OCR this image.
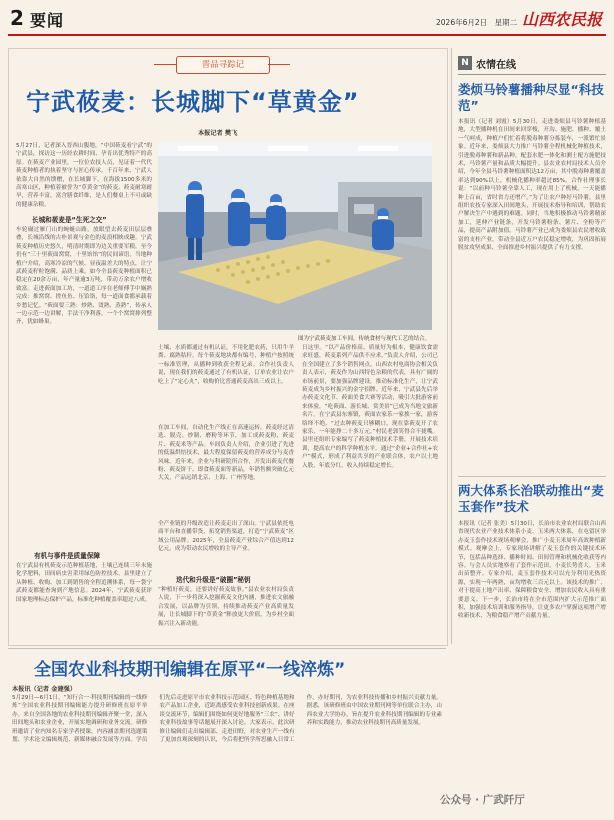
2 要闻	2026年6月2日　星期二 山西农民报
晋品寻踪记
宁武莜麦：长城脚下“草黄金”
本报记者 樊飞
图为宁武莜麦加工车间，传统食材与现代工艺的结合。
5月27日，记者深入晋西山腹地，“中国莜麦看宁武”的宁武县，探访这一历经农耕时间、孕育出优秀特产的高原。在莜麦产业园里，一位位农技人员，见证着一代代莜麦种植者的执着坚守与匠心传承。千百年来，宁武人依靠大自然的馈赠，在长城脚下，在海拔1500多米的高寒山区，种植着被誉为“草黄金”的莜麦。莜麦耐寒耐旱，营养丰富，富含膳食纤维，是人们餐桌上不可或缺的健康杂粮。
长城和莜麦是“生死之交”
车轮碾过雁门山的蜿蜒山路，放眼望去莜麦田层层叠叠，长城沿线的古朴景观与金色的麦浪相映成趣。宁武莜麦种植历史悠久，明清时期即为边关重要军粮，至今仍有“三十里莜面窝窝，十里饴饴”的民间谚语。当地种植户介绍，高寒冷凉的气候、昼夜温差大的特点，让宁武莜麦籽粒饱满、品质上乘。如今全县莜麦种植面积已稳定在20余万亩，年产量逾3万吨，带动万余农户增收致富。走进莜面加工坊，一道道工序在老师傅手中娴熟完成：推窝窝、搓鱼鱼、压饸饹，每一道面食都承载着乡愁记忆。“莜面要三熟：炒熟、烫熟、蒸熟”，传承人一边示范一边讲解，手法干净利落，一个个窝窝排列整齐，犹如蜂巢。
有机与事件是质量保障
在宁武县有机莜麦示范种植基地，土壤已连续三年未施化学肥料，田间病虫害采用绿色防控技术。县里建立了从种植、收购、加工到销售的全程追溯体系，每一袋宁武莜麦都能查询到产地信息。2024年，宁武莜麦获评国家地理标志保护产品，标准化种植覆盖率超过八成。
土壤、水质都通过有机认证，不用化肥农药，只用牛羊粪、腐熟秸秆。每个莜麦地块都有编号，种植户按照统一标准管理，从播种到收获全程记录。合作社负责人说，现在我们的莜麦通过了有机认证，订单农业让农户吃上了“定心丸”，收购价比普通莜麦高出三成以上。
在加工车间，自动化生产线正在高速运转，莜麦经过清选、脱壳、炒制、磨粉等环节，加工成莜麦粉、莜麦片、莜麦米等产品。车间负责人介绍，企业引进了先进的低温烘焙技术，最大程度保留莜麦的营养成分与麦香风味。近年来，企业与科研院所合作，开发出莜麦代餐粉、莜麦饼干、即食莜麦面等新品，年销售额突破亿元大关，产品远销北京、上海、广州等地。
全产业链的升级改造让莜麦走出了深山。宁武县依托电商平台和直播带货，拓宽销售渠道，打造“宁武莜麦”区域公用品牌。2025年，全县莜麦产业综合产值达到12亿元，成为带动农民增收的主导产业。
迭代和升级是“破圈”秘钥
“种植好莜麦，还要讲好莜麦故事。”县农业农村局负责人说，下一步将深入挖掘莜麦文化内涵，推进农文旅融合发展，以品牌为引领，持续推动莜麦产业高质量发展，让长城脚下的“草黄金”释放更大价值，为乡村全面振兴注入新动能。
日这里。“以产品价格高、质量好为根本，健康饮食需求旺盛，莜麦系列产品供不应求。”负责人介绍，公司已在全国建立了多个销售网点。山西农村电商协会相关负责人表示，莜麦作为山西特色杂粮的代表，具有广阔的市场前景，要加强品牌建设，推动标准化生产，让宁武莜麦成为乡村振兴的金字招牌。近年来，宁武县先后举办莜麦文化节、莜面美食大赛等活动，吸引大批游客前来体验，“吃莜面、游长城、赏美景”已成为当地文旅新名片。在宁武县东寨镇，莜面农家乐一家挨一家，游客络绎不绝。“过去种莜麦只够糊口，现在靠莜麦开了农家乐，一年能挣二十多万元。”村民老郭笑得合不拢嘴。县里还组织专家编写了莜麦种植技术手册，开展技术培训，提高农户的科学种植水平。通过“企业+合作社+农户”模式，形成了利益共享的产业联合体，农户以土地入股，年底分红，收入持续稳定增长。
N 农情在线
娄烦马铃薯播种尽显“科技范”
本报讯（记者 刘霞）5月30日，走进娄烦县马铃薯种植基地，大型播种机在田间来回穿梭，开沟、施肥、播种、覆土一气呵成，种植户们忙着将脱毒种薯分拣装车，一派繁忙景象。近年来，娄烦县大力推广马铃薯全程机械化种植技术，引进脱毒种薯和新品种，配套水肥一体化和测土配方施肥技术，马铃薯产量和品质大幅提升。县农业农村局技术人员介绍，今年全县马铃薯种植面积达12万亩，其中脱毒种薯覆盖率达到90%以上，机械化播种率超过85%。合作社理事长说：“以前种马铃薯全靠人工，现在用上了机械，一天能播种上百亩，省时省力还增产。”为了让农户种好马铃薯，县里组织农技专家深入田间地头，开展技术指导和培训，帮助农户解决生产中遇到的难题。同时，当地积极推动马铃薯精深加工，延伸产业链条，开发马铃薯粉条、薯片、全粉等产品，提高产品附加值。马铃薯产业已成为娄烦县农民增收致富的支柱产业，带动全县近万户农民稳定增收，为巩固拓展脱贫攻坚成果、全面推进乡村振兴提供了有力支撑。
两大体系长治联动推出“麦玉套作”技术
本报讯（记者 张美）5月30日，长治市农业农村局联合山西省现代农业产业技术体系小麦、玉米两大体系，在屯留区举办麦玉套作技术现场观摩会，推广小麦玉米周年高效种植新模式。观摩会上，专家现场讲解了麦玉套作的关键技术环节，包括品种选择、播种时间、田间管理和机械化收获等内容。与会人员实地察看了套作示范田，小麦长势喜人，玉米出苗整齐。专家介绍，麦玉套作技术可以充分利用光热资源，实现一年两熟，亩均增收三百元以上。该技术的推广，对于提高土地产出率、保障粮食安全、增加农民收入具有重要意义。下一步，长治市将在全市范围内扩大示范推广面积，加强技术培训和服务指导，让更多农户掌握这项增产增收新技术，为粮食稳产增产贡献力量。
全国农业科技期刊编辑在原平“一线淬炼”
本报讯（记者 金建强）
5月29日—6月1日，“知行合一·科技期刊编辑的一线修炼”全国农业科技期刊编辑能力提升研修班在原平举办。来自全国各地的农业科技期刊编辑齐聚一堂，深入田间地头和农业企业，开展实地调研和业务交流。研修班邀请了业内知名专家学者授课，内容涵盖期刊选题策划、学术论文编辑规范、新媒体融合发展等方面。学员们先后走进原平市农业科技示范园区、特色种植基地和农产品加工企业，近距离感受农业科技创新成果。在座谈交流环节，编辑们围绕如何更好地服务“三农”、讲好农业科技故事等话题展开深入讨论。大家表示，此次研修让编辑们走出编辑部、走进田野，对农业生产一线有了更加直观深刻的认识，今后将把所学所思融入日常工作，办好期刊，为农业科技传播和乡村振兴贡献力量。据悉，该研修班由中国农业期刊网等单位联合主办，山西农业大学协办，旨在提升农业科技期刊编辑的专业素养和实践能力，推动农业科技期刊高质量发展。
公众号 · 广武阡厅
